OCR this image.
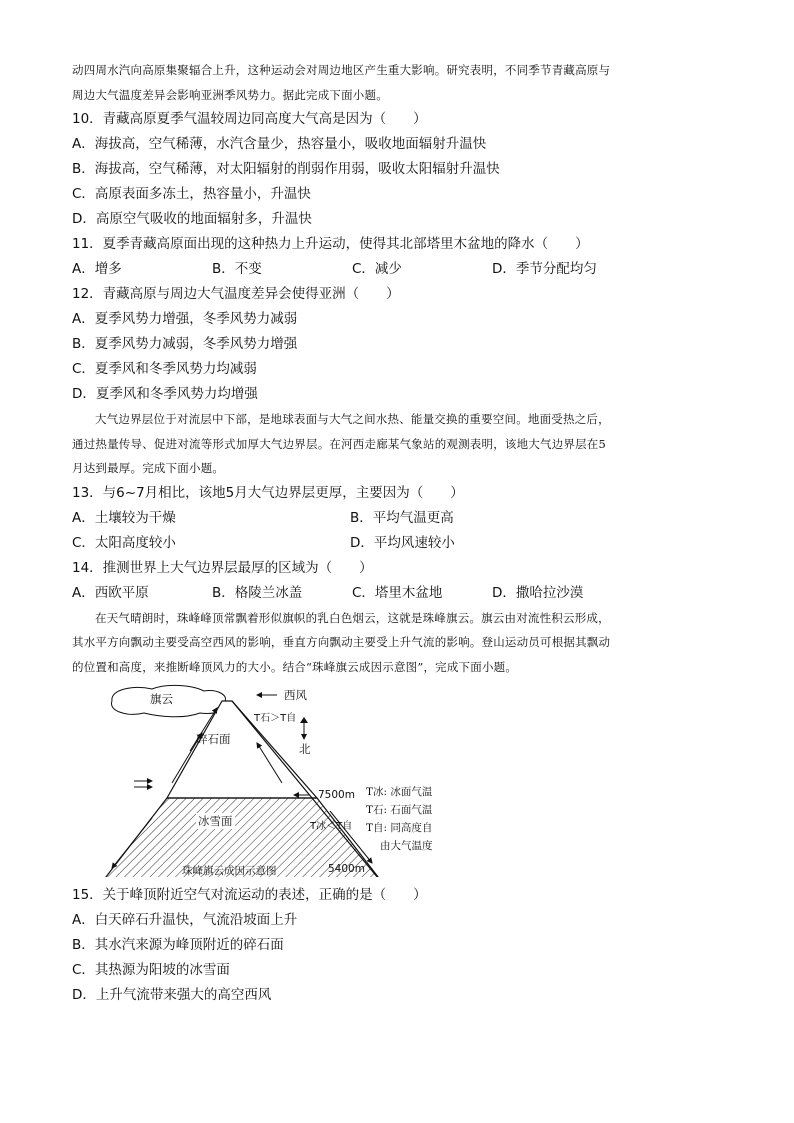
动四周水汽向高原集聚辐合上升，这种运动会对周边地区产生重大影响。研究表明，不同季节青藏高原与

周边大气温度差异会影响亚洲季风势力。据此完成下面小题。

10．青藏高原夏季气温较周边同高度大气高是因为（　　）

A．海拔高，空气稀薄，水汽含量少，热容量小，吸收地面辐射升温快

B．海拔高，空气稀薄，对太阳辐射的削弱作用弱，吸收太阳辐射升温快

C．高原表面多冻土，热容量小，升温快

D．高原空气吸收的地面辐射多，升温快

11．夏季青藏高原面出现的这种热力上升运动，使得其北部塔里木盆地的降水（　　）

A．增多	B．不变	C．减少	D．季节分配均匀

12．青藏高原与周边大气温度差异会使得亚洲（　　）

A．夏季风势力增强，冬季风势力减弱

B．夏季风势力减弱，冬季风势力增强

C．夏季风和冬季风势力均减弱

D．夏季风和冬季风势力均增强

大气边界层位于对流层中下部，是地球表面与大气之间水热、能量交换的重要空间。地面受热之后，

通过热量传导、促进对流等形式加厚大气边界层。在河西走廊某气象站的观测表明，该地大气边界层在5

月达到最厚。完成下面小题。

13．与6~7月相比，该地5月大气边界层更厚，主要因为（　　）

A．土壤较为干燥	B．平均气温更高
C．太阳高度较小	D．平均风速较小

14．推测世界上大气边界层最厚的区域为（　　）

A．西欧平原	B．格陵兰冰盖	C．塔里木盆地	D．撒哈拉沙漠

在天气晴朗时，珠峰峰顶常飘着形似旗帜的乳白色烟云，这就是珠峰旗云。旗云由对流性积云形成，

其水平方向飘动主要受高空西风的影响，垂直方向飘动主要受上升气流的影响。登山运动员可根据其飘动

的位置和高度，来推断峰顶风力的大小。结合“珠峰旗云成因示意图”，完成下面小题。

旗云	西风
T石＞T自
北
碎石面
7500m
冰雪面	T冰＜T自
5400m
珠峰旗云成因示意图
T冰: 冰面气温
T石: 石面气温
T自: 同高度自
由大气温度

15．关于峰顶附近空气对流运动的表述，正确的是（　　）

A．白天碎石升温快，气流沿坡面上升

B．其水汽来源为峰顶附近的碎石面

C．其热源为阳坡的冰雪面

D．上升气流带来强大的高空西风
